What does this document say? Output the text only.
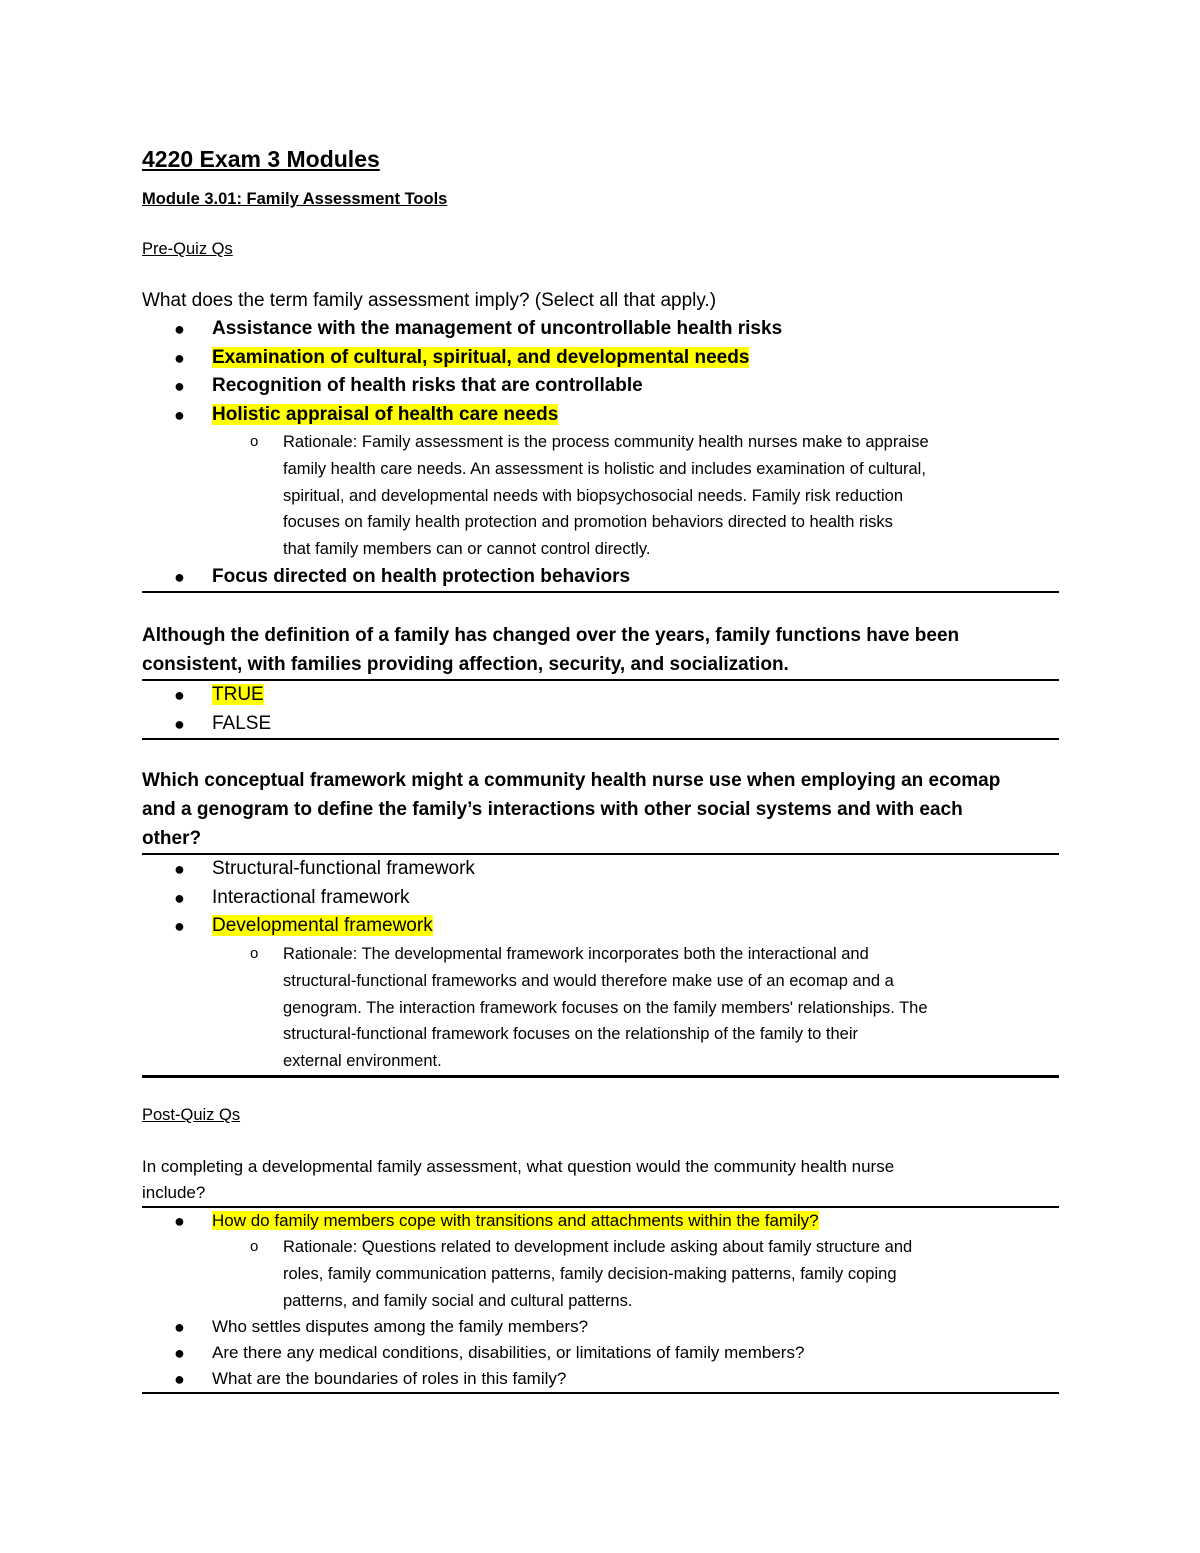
4220 Exam 3 Modules
Module 3.01: Family Assessment Tools
Pre-Quiz Qs
What does the term family assessment imply? (Select all that apply.)
● Assistance with the management of uncontrollable health risks
● Examination of cultural, spiritual, and developmental needs
● Recognition of health risks that are controllable
● Holistic appraisal of health care needs
o Rationale: Family assessment is the process community health nurses make to appraise
family health care needs. An assessment is holistic and includes examination of cultural,
spiritual, and developmental needs with biopsychosocial needs. Family risk reduction
focuses on family health protection and promotion behaviors directed to health risks
that family members can or cannot control directly.
● Focus directed on health protection behaviors
Although the definition of a family has changed over the years, family functions have been
consistent, with families providing affection, security, and socialization.
● TRUE
● FALSE
Which conceptual framework might a community health nurse use when employing an ecomap
and a genogram to define the family’s interactions with other social systems and with each
other?
● Structural-functional framework
● Interactional framework
● Developmental framework
o Rationale: The developmental framework incorporates both the interactional and
structural-functional frameworks and would therefore make use of an ecomap and a
genogram. The interaction framework focuses on the family members' relationships. The
structural-functional framework focuses on the relationship of the family to their
external environment.
Post-Quiz Qs
In completing a developmental family assessment, what question would the community health nurse
include?
● How do family members cope with transitions and attachments within the family?
o Rationale: Questions related to development include asking about family structure and
roles, family communication patterns, family decision-making patterns, family coping
patterns, and family social and cultural patterns.
● Who settles disputes among the family members?
● Are there any medical conditions, disabilities, or limitations of family members?
● What are the boundaries of roles in this family?
